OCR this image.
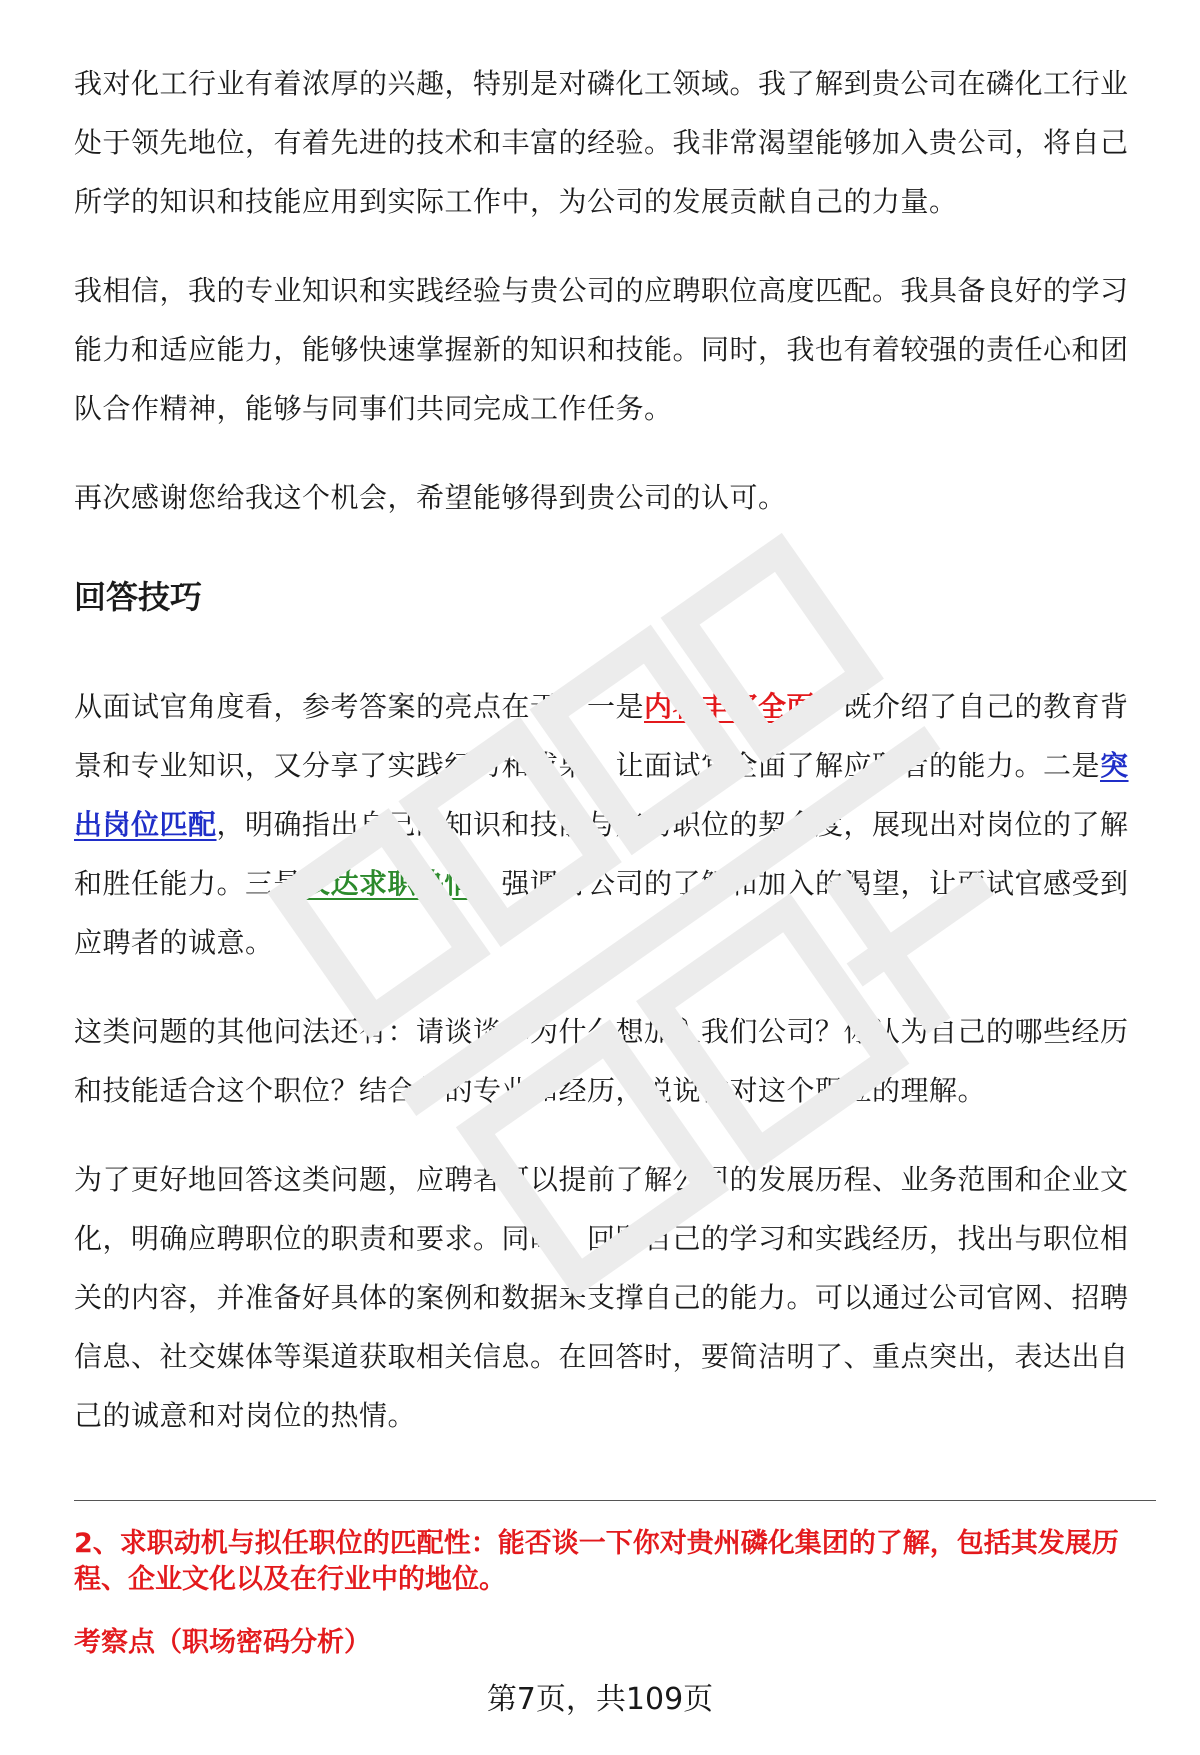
我对化工行业有着浓厚的兴趣，特别是对磷化工领域。我了解到贵公司在磷化工行业处于领先地位，有着先进的技术和丰富的经验。我非常渴望能够加入贵公司，将自己所学的知识和技能应用到实际工作中，为公司的发展贡献自己的力量。

我相信，我的专业知识和实践经验与贵公司的应聘职位高度匹配。我具备良好的学习能力和适应能力，能够快速掌握新的知识和技能。同时，我也有着较强的责任心和团队合作精神，能够与同事们共同完成工作任务。

再次感谢您给我这个机会，希望能够得到贵公司的认可。

回答技巧

从面试官角度看，参考答案的亮点在于：一是内容丰富全面，既介绍了自己的教育背景和专业知识，又分享了实践经历和成果，让面试官全面了解应聘者的能力。二是突出岗位匹配，明确指出自己的知识和技能与应聘职位的契合度，展现出对岗位的了解和胜任能力。三是表达求职热情，强调对公司的了解和加入的渴望，让面试官感受到应聘者的诚意。

这类问题的其他问法还有：请谈谈你为什么想加入我们公司？你认为自己的哪些经历和技能适合这个职位？结合你的专业和经历，说说你对这个职位的理解。

为了更好地回答这类问题，应聘者可以提前了解公司的发展历程、业务范围和企业文化，明确应聘职位的职责和要求。同时，回顾自己的学习和实践经历，找出与职位相关的内容，并准备好具体的案例和数据来支撑自己的能力。可以通过公司官网、招聘信息、社交媒体等渠道获取相关信息。在回答时，要简洁明了、重点突出，表达出自己的诚意和对岗位的热情。

2、求职动机与拟任职位的匹配性：能否谈一下你对贵州磷化集团的了解，包括其发展历程、企业文化以及在行业中的地位。

考察点（职场密码分析）

第7页，共109页
